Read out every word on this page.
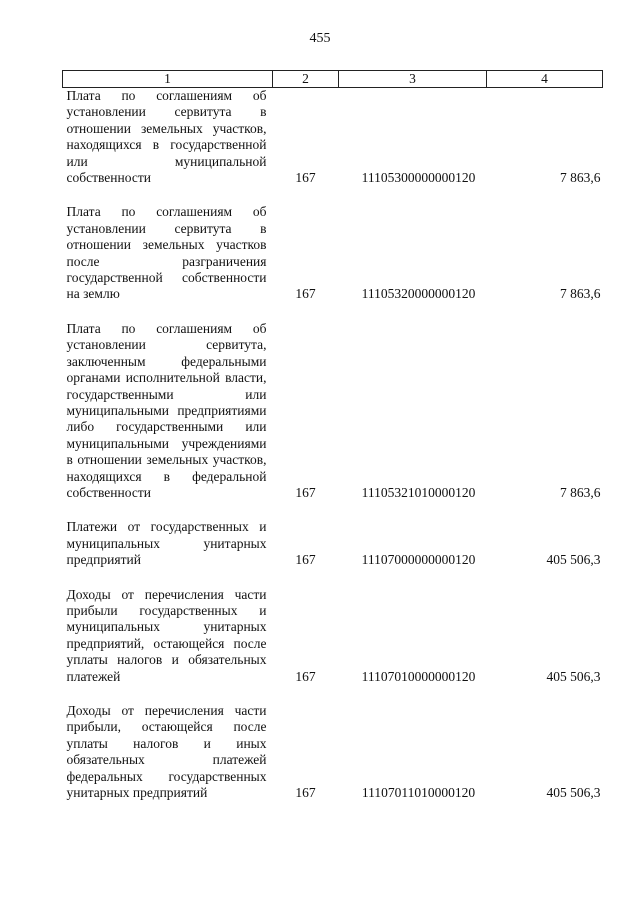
455
1	2	3	4

Плата по соглашениям об установлении сервитута в отношении земельных участков, находящихся в государственной или муниципальной собственности	167	11105300000000120	7 863,6

Плата по соглашениям об установлении сервитута в отношении земельных участков после разграничения государственной собственности на землю	167	11105320000000120	7 863,6

Плата по соглашениям об установлении сервитута, заключенным федеральными органами исполнительной власти, государственными или муниципальными предприятиями либо государственными или муниципальными учреждениями в отношении земельных участков, находящихся в федеральной собственности	167	11105321010000120	7 863,6

Платежи от государственных и муниципальных унитарных предприятий	167	11107000000000120	405 506,3

Доходы от перечисления части прибыли государственных и муниципальных унитарных предприятий, остающейся после уплаты налогов и обязательных платежей	167	11107010000000120	405 506,3

Доходы от перечисления части прибыли, остающейся после уплаты налогов и иных обязательных платежей федеральных государственных унитарных предприятий	167	11107011010000120	405 506,3
